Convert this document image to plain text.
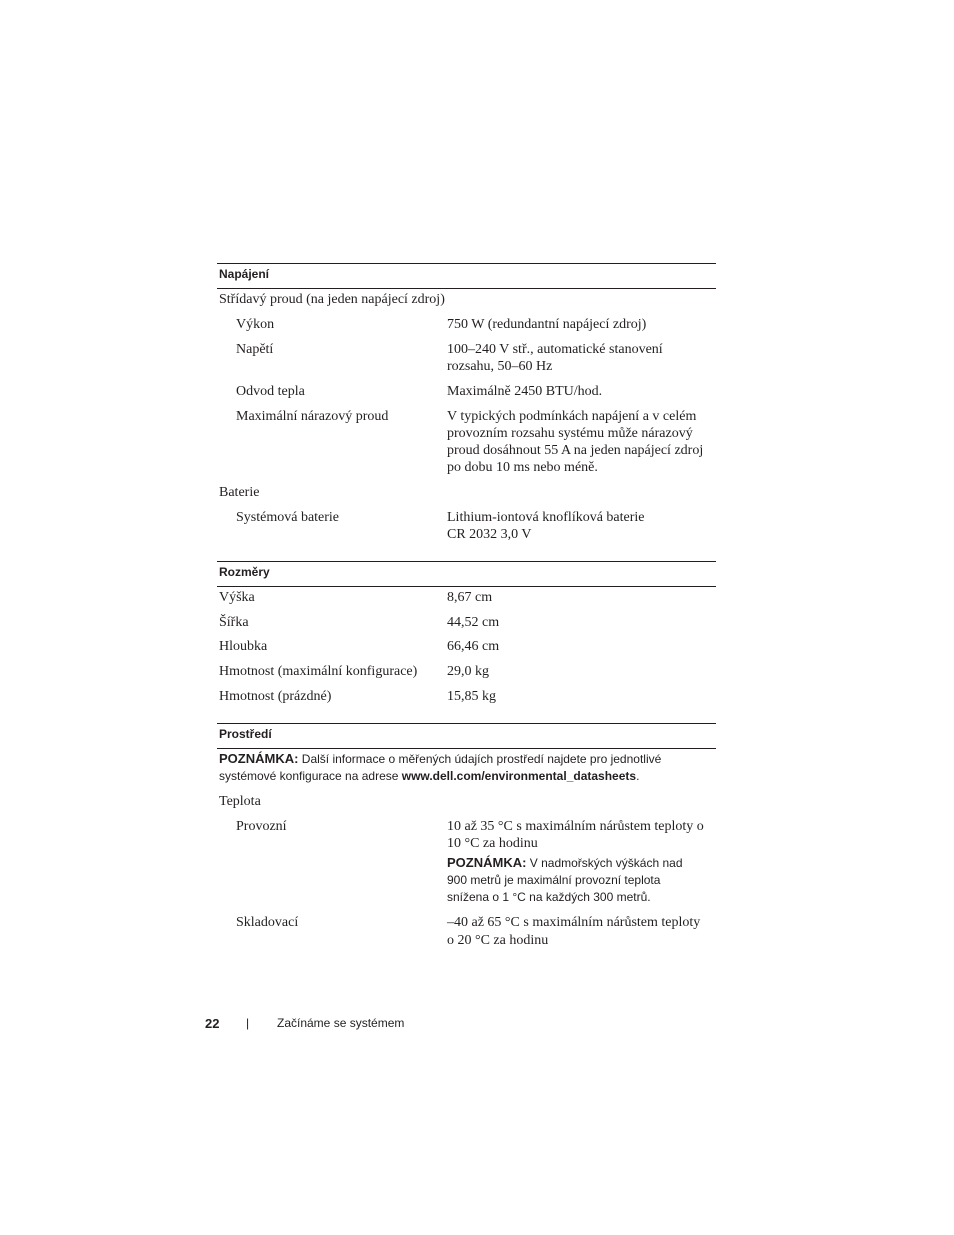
Napájení
Střídavý proud (na jeden napájecí zdroj)
Výkon	750 W (redundantní napájecí zdroj)
Napětí	100–240 V stř., automatické stanovení
rozsahu, 50–60 Hz
Odvod tepla	Maximálně 2450 BTU/hod.
Maximální nárazový proud	V typických podmínkách napájení a v celém
provozním rozsahu systému může nárazový
proud dosáhnout 55 A na jeden napájecí zdroj
po dobu 10 ms nebo méně.
Baterie
Systémová baterie	Lithium-iontová knoflíková baterie
CR 2032 3,0 V
Rozměry
Výška	8,67 cm
Šířka	44,52 cm
Hloubka	66,46 cm
Hmotnost (maximální konfigurace) 29,0 kg
Hmotnost (prázdné)	15,85 kg
Prostředí
POZNÁMKA: Další informace o měřených údajích prostředí najdete pro jednotlivé
systémové konfigurace na adrese www.dell.com/environmental_datasheets.
Teplota
Provozní	10 až 35 °C s maximálním nárůstem teploty o
10 °C za hodinu
POZNÁMKA: V nadmořských výškách nad
900 metrů je maximální provozní teplota
snížena o 1 °C na každých 300 metrů.
Skladovací	–40 až 65 °C s maximálním nárůstem teploty
o 20 °C za hodinu
22 | Začínáme se systémem
